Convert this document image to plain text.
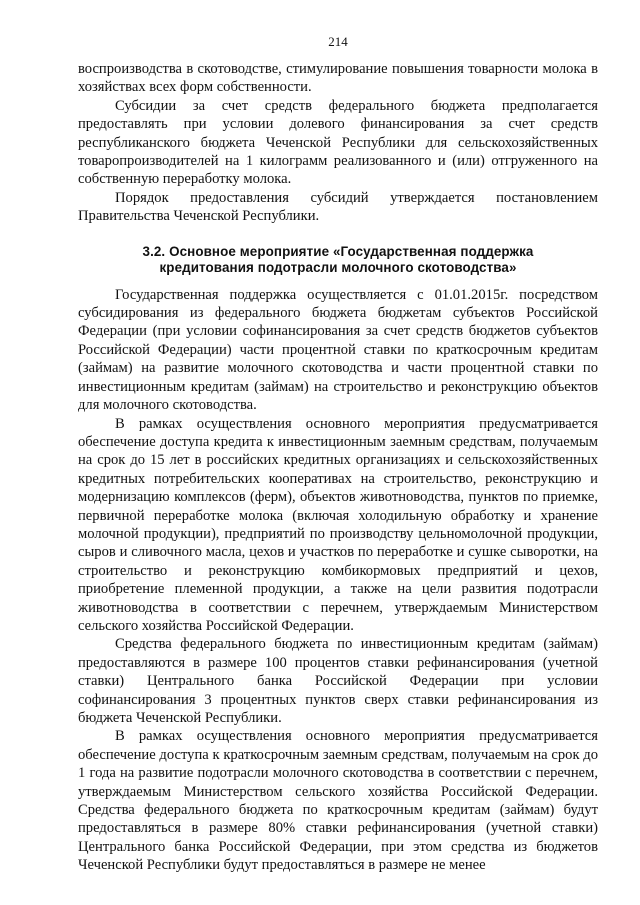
214

воспроизводства в скотоводстве, стимулирование повышения товарности молока в хозяйствах всех форм собственности.

Субсидии за счет средств федерального бюджета предполагается предоставлять при условии долевого финансирования за счет средств республиканского бюджета Чеченской Республики для сельскохозяйственных товаропроизводителей на 1 килограмм реализованного и (или) отгруженного на собственную переработку молока.

Порядок предоставления субсидий утверждается постановлением Правительства Чеченской Республики.

3.2. Основное мероприятие «Государственная поддержка
кредитования подотрасли молочного скотоводства»

Государственная поддержка осуществляется с 01.01.2015г. посредством субсидирования из федерального бюджета бюджетам субъектов Российской Федерации (при условии софинансирования за счет средств бюджетов субъектов Российской Федерации) части процентной ставки по краткосрочным кредитам (займам) на развитие молочного скотоводства и части процентной ставки по инвестиционным кредитам (займам) на строительство и реконструкцию объектов для молочного скотоводства.

В рамках осуществления основного мероприятия предусматривается обеспечение доступа кредита к инвестиционным заемным средствам, получаемым на срок до 15 лет в российских кредитных организациях и сельскохозяйственных кредитных потребительских кооперативах на строительство, реконструкцию и модернизацию комплексов (ферм), объектов животноводства, пунктов по приемке, первичной переработке молока (включая холодильную обработку и хранение молочной продукции), предприятий по производству цельномолочной продукции, сыров и сливочного масла, цехов и участков по переработке и сушке сыворотки, на строительство и реконструкцию комбикормовых предприятий и цехов, приобретение племенной продукции, а также на цели развития подотрасли животноводства в соответствии с перечнем, утверждаемым Министерством сельского хозяйства Российской Федерации.

Средства федерального бюджета по инвестиционным кредитам (займам) предоставляются в размере 100 процентов ставки рефинансирования (учетной ставки) Центрального банка Российской Федерации при условии софинансирования 3 процентных пунктов сверх ставки рефинансирования из бюджета Чеченской Республики.

В рамках осуществления основного мероприятия предусматривается обеспечение доступа к краткосрочным заемным средствам, получаемым на срок до 1 года на развитие подотрасли молочного скотоводства в соответствии с перечнем, утверждаемым Министерством сельского хозяйства Российской Федерации. Средства федерального бюджета по краткосрочным кредитам (займам) будут предоставляться в размере 80% ставки рефинансирования (учетной ставки) Центрального банка Российской Федерации, при этом средства из бюджетов Чеченской Республики будут предоставляться в размере не менее
